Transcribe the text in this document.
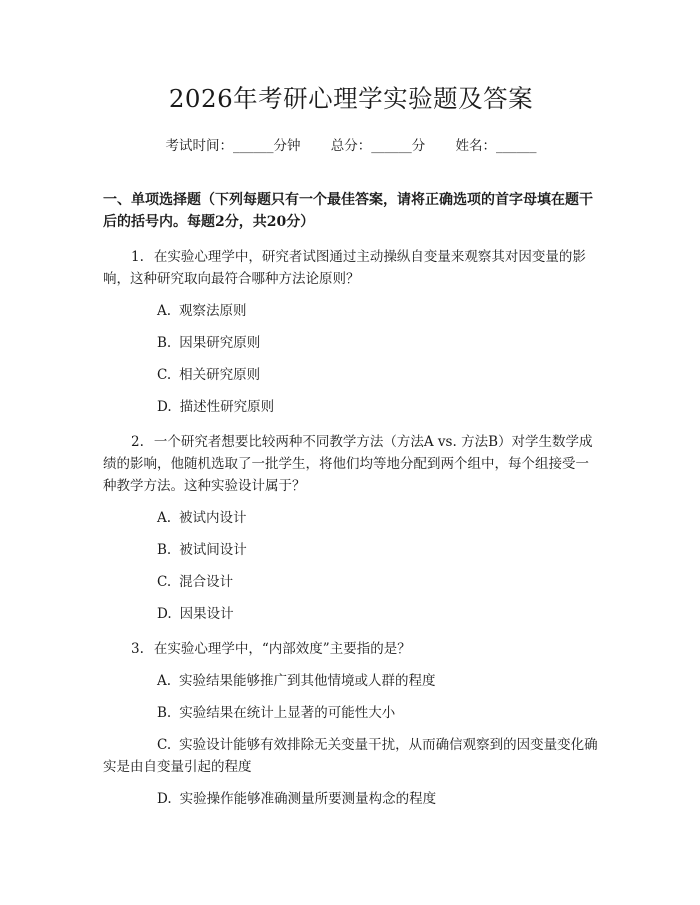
2026年考研心理学实验题及答案
考试时间：______分钟 总分：______分 姓名：______
一、单项选择题（下列每题只有一个最佳答案，请将正确选项的首字母填在题干后的括号内。每题2分，共20分）
1. 在实验心理学中，研究者试图通过主动操纵自变量来观察其对因变量的影响，这种研究取向最符合哪种方法论原则？
A. 观察法原则
B. 因果研究原则
C. 相关研究原则
D. 描述性研究原则
2. 一个研究者想要比较两种不同教学方法（方法A vs. 方法B）对学生数学成绩的影响，他随机选取了一批学生，将他们均等地分配到两个组中，每个组接受一种教学方法。这种实验设计属于？
A. 被试内设计
B. 被试间设计
C. 混合设计
D. 因果设计
3. 在实验心理学中，“内部效度”主要指的是？
A. 实验结果能够推广到其他情境或人群的程度
B. 实验结果在统计上显著的可能性大小
C. 实验设计能够有效排除无关变量干扰，从而确信观察到的因变量变化确实是由自变量引起的程度
D. 实验操作能够准确测量所要测量构念的程度
